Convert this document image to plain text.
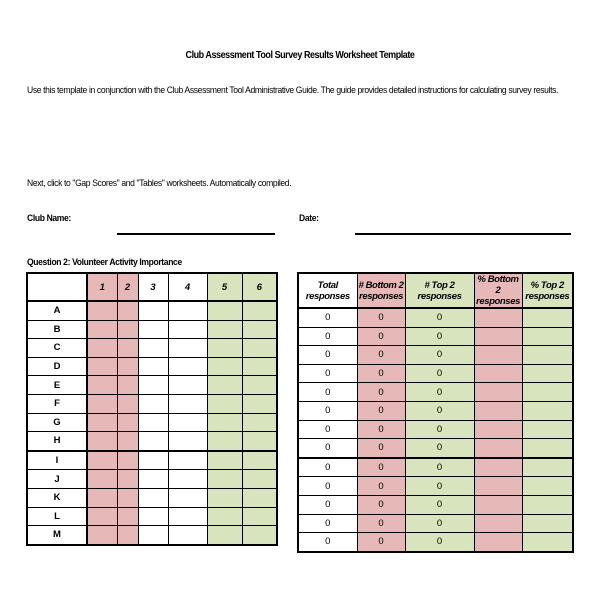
Club Assessment Tool Survey Results Worksheet Template
Use this template in conjunction with the Club Assessment Tool Administrative Guide. The guide provides detailed instructions for calculating survey results.
Next, click to "Gap Scores" and "Tables" worksheets. Automatically compiled.
Club Name:	Date:
Question 2: Volunteer Activity Importance
	1	2	3	4	5	6
A						
B						
C						
D						
E						
F						
G						
H						
I						
J						
K						
L						
M						
Total responses	# Bottom 2 responses	# Top 2 responses	% Bottom 2 responses	% Top 2 responses
0	0	0		
0	0	0		
0	0	0		
0	0	0		
0	0	0		
0	0	0		
0	0	0		
0	0	0		
0	0	0		
0	0	0		
0	0	0		
0	0	0		
0	0	0		
